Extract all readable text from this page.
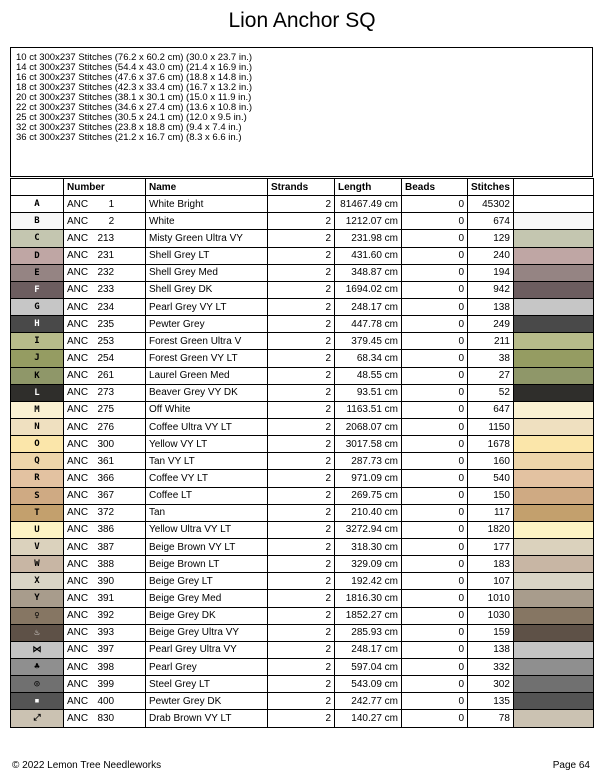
Lion Anchor SQ
10 ct 300x237 Stitches (76.2 x 60.2 cm) (30.0 x 23.7 in.)
14 ct 300x237 Stitches (54.4 x 43.0 cm) (21.4 x 16.9 in.)
16 ct 300x237 Stitches (47.6 x 37.6 cm) (18.8 x 14.8 in.)
18 ct 300x237 Stitches (42.3 x 33.4 cm) (16.7 x 13.2 in.)
20 ct 300x237 Stitches (38.1 x 30.1 cm) (15.0 x 11.9 in.)
22 ct 300x237 Stitches (34.6 x 27.4 cm) (13.6 x 10.8 in.)
25 ct 300x237 Stitches (30.5 x 24.1 cm) (12.0 x 9.5 in.)
32 ct 300x237 Stitches (23.8 x 18.8 cm) (9.4 x 7.4 in.)
36 ct 300x237 Stitches (21.2 x 16.7 cm) (8.3 x 6.6 in.)
	Number	Name	Strands	Length	Beads	Stitches	
A	ANC 1	White Bright	2	81467.49 cm	0	45302	
B	ANC 2	White	2	1212.07 cm	0	674	
C	ANC 213	Misty Green Ultra VY	2	231.98 cm	0	129	
D	ANC 231	Shell Grey LT	2	431.60 cm	0	240	
E	ANC 232	Shell Grey Med	2	348.87 cm	0	194	
F	ANC 233	Shell Grey DK	2	1694.02 cm	0	942	
G	ANC 234	Pearl Grey VY LT	2	248.17 cm	0	138	
H	ANC 235	Pewter Grey	2	447.78 cm	0	249	
I	ANC 253	Forest Green Ultra V	2	379.45 cm	0	211	
J	ANC 254	Forest Green VY LT	2	68.34 cm	0	38	
K	ANC 261	Laurel Green Med	2	48.55 cm	0	27	
L	ANC 273	Beaver Grey VY DK	2	93.51 cm	0	52	
M	ANC 275	Off White	2	1163.51 cm	0	647	
N	ANC 276	Coffee Ultra VY LT	2	2068.07 cm	0	1150	
O	ANC 300	Yellow VY LT	2	3017.58 cm	0	1678	
Q	ANC 361	Tan VY LT	2	287.73 cm	0	160	
R	ANC 366	Coffee VY LT	2	971.09 cm	0	540	
S	ANC 367	Coffee LT	2	269.75 cm	0	150	
T	ANC 372	Tan	2	210.40 cm	0	117	
U	ANC 386	Yellow Ultra VY LT	2	3272.94 cm	0	1820	
V	ANC 387	Beige Brown VY LT	2	318.30 cm	0	177	
W	ANC 388	Beige Brown LT	2	329.09 cm	0	183	
X	ANC 390	Beige Grey LT	2	192.42 cm	0	107	
Y	ANC 391	Beige Grey Med	2	1816.30 cm	0	1010	
♀	ANC 392	Beige Grey DK	2	1852.27 cm	0	1030	
♨	ANC 393	Beige Grey Ultra VY	2	285.93 cm	0	159	
⋈	ANC 397	Pearl Grey Ultra VY	2	248.17 cm	0	138	
♣	ANC 398	Pearl Grey	2	597.04 cm	0	332	
◎	ANC 399	Steel Grey LT	2	543.09 cm	0	302	
▪	ANC 400	Pewter Grey DK	2	242.77 cm	0	135	
⤢	ANC 830	Drab Brown VY LT	2	140.27 cm	0	78	
© 2022 Lemon Tree Needleworks	Page 64
